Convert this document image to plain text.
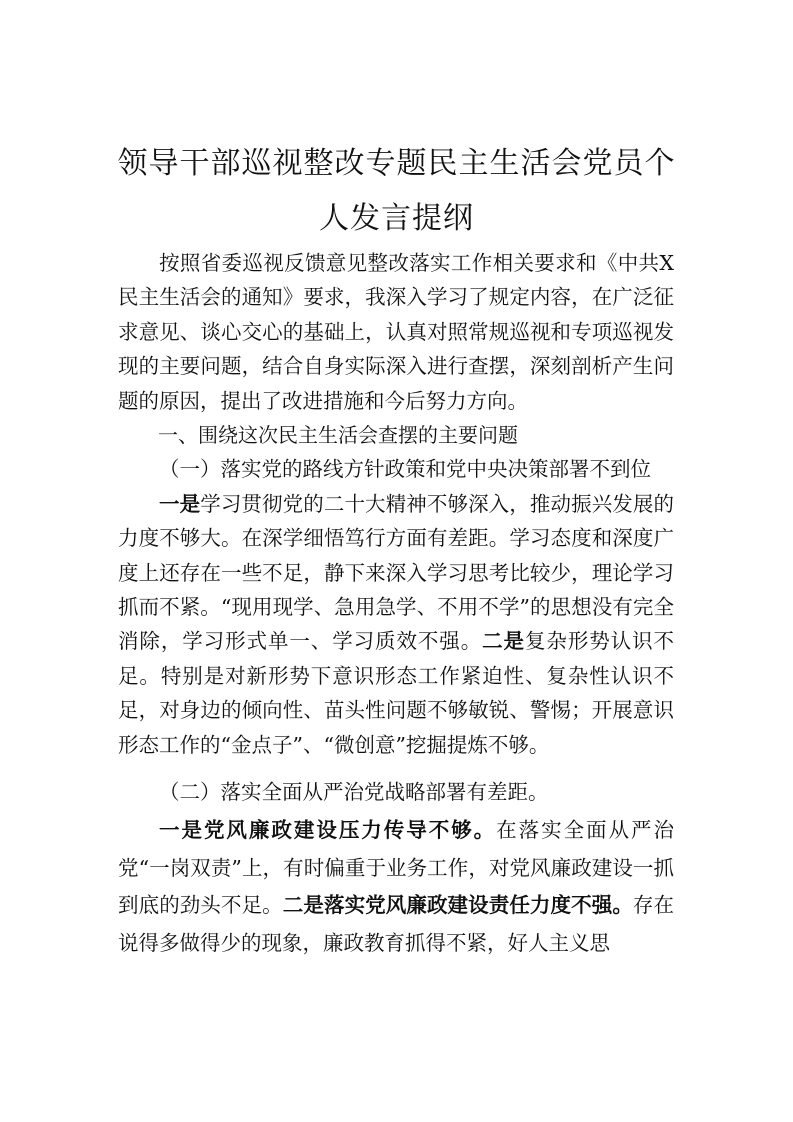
领导干部巡视整改专题民主生活会党员个
人发言提纲

按照省委巡视反馈意见整改落实工作相关要求和《中共X民主生活会的通知》要求，我深入学习了规定内容，在广泛征求意见、谈心交心的基础上，认真对照常规巡视和专项巡视发现的主要问题，结合自身实际深入进行查摆，深刻剖析产生问题的原因，提出了改进措施和今后努力方向。

一、围绕这次民主生活会查摆的主要问题

（一）落实党的路线方针政策和党中央决策部署不到位

一是学习贯彻党的二十大精神不够深入，推动振兴发展的力度不够大。在深学细悟笃行方面有差距。学习态度和深度广度上还存在一些不足，静下来深入学习思考比较少，理论学习抓而不紧。“现用现学、急用急学、不用不学”的思想没有完全消除，学习形式单一、学习质效不强。二是复杂形势认识不足。特别是对新形势下意识形态工作紧迫性、复杂性认识不足，对身边的倾向性、苗头性问题不够敏锐、警惕；开展意识形态工作的“金点子”、“微创意”挖掘提炼不够。

（二）落实全面从严治党战略部署有差距。

一是党风廉政建设压力传导不够。在落实全面从严治党“一岗双责”上，有时偏重于业务工作，对党风廉政建设一抓到底的劲头不足。二是落实党风廉政建设责任力度不强。存在说得多做得少的现象，廉政教育抓得不紧，好人主义思
